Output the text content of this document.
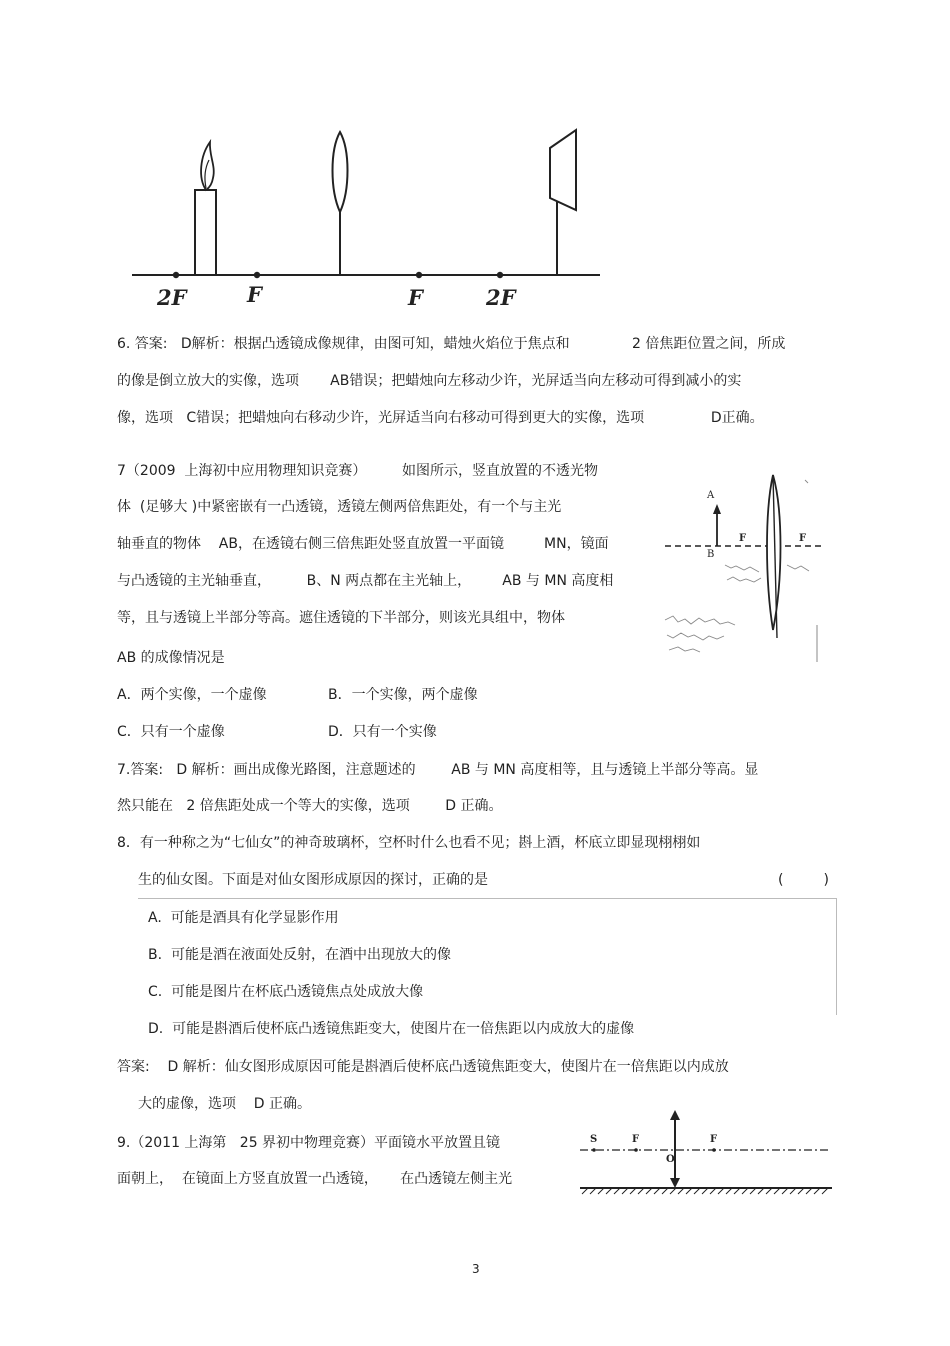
2F	F	F	2F
6. 答案:   D解析：根据凸透镜成像规律，由图可知，蜡烛火焰位于焦点和              2 倍焦距位置之间，所成
的像是倒立放大的实像，选项       AB错误；把蜡烛向左移动少许，光屏适当向左移动可得到减小的实
像，选项   C错误；把蜡烛向右移动少许，光屏适当向右移动可得到更大的实像，选项               D正确。
7（2009  上海初中应用物理知识竞赛）        如图所示，竖直放置的不透光物
体  (足够大 )中紧密嵌有一凸透镜，透镜左侧两倍焦距处，有一个与主光
轴垂直的物体    AB，在透镜右侧三倍焦距处竖直放置一平面镜         MN，镜面
与凸透镜的主光轴垂直，        B、N 两点都在主光轴上，       AB 与 MN 高度相
等，且与透镜上半部分等高。遮住透镜的下半部分，则该光具组中，物体
AB 的成像情况是
A
B
F	F
A．两个实像，一个虚像	B．一个实像，两个虚像
C．只有一个虚像	D．只有一个实像
7.答案:   D 解析：画出成像光路图，注意题述的        AB 与 MN 高度相等，且与透镜上半部分等高。显
然只能在   2 倍焦距处成一个等大的实像，选项        D 正确。
8．有一种称之为“七仙女”的神奇玻璃杯，空杯时什么也看不见；斟上酒，杯底立即显现栩栩如
生的仙女图。下面是对仙女图形成原因的探讨，正确的是	(         )
A.  可能是酒具有化学显影作用
B.  可能是酒在液面处反射，在酒中出现放大的像
C.  可能是图片在杯底凸透镜焦点处成放大像
D.  可能是斟酒后使杯底凸透镜焦距变大，使图片在一倍焦距以内成放大的虚像
答案:    D 解析：仙女图形成原因可能是斟酒后使杯底凸透镜焦距变大，使图片在一倍焦距以内成放
大的虚像，选项    D 正确。
9.（2011 上海第   25 界初中物理竞赛）平面镜水平放置且镜
面朝上，  在镜面上方竖直放置一凸透镜，     在凸透镜左侧主光
S	F	F
O
3
